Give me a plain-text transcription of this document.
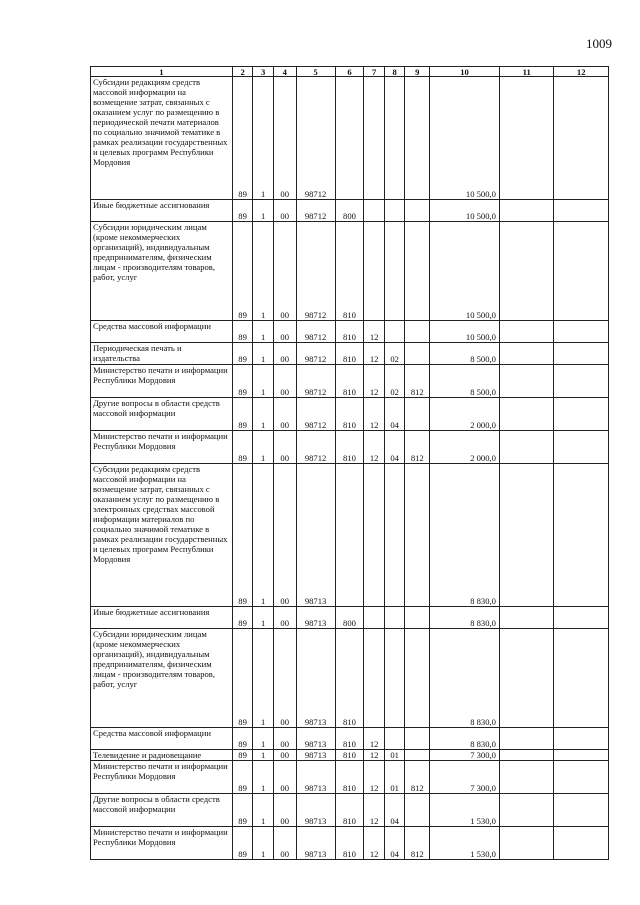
1009
1	2	3	4	5	6	7	8	9	10	11	12
Субсидии редакциям средств массовой информации на возмещение затрат, связанных с оказанием услуг по размещению в периодической печати материалов по социально значимой тематике в рамках реализации государственных и целевых программ Республики Мордовия	89	1	00	98712					10 500,0		
Иные бюджетные ассигнования	89	1	00	98712	800				10 500,0		
Субсидии юридическим лицам (кроме некоммерческих организаций), индивидуальным предпринимателям, физическим лицам - производителям товаров, работ, услуг	89	1	00	98712	810				10 500,0		
Средства массовой информации	89	1	00	98712	810	12			10 500,0		
Периодическая печать и издательства	89	1	00	98712	810	12	02		8 500,0		
Министерство печати и информации Республики Мордовия	89	1	00	98712	810	12	02	812	8 500,0		
Другие вопросы в области средств массовой информации	89	1	00	98712	810	12	04		2 000,0		
Министерство печати и информации Республики Мордовия	89	1	00	98712	810	12	04	812	2 000,0		
Субсидии редакциям средств массовой информации на возмещение затрат, связанных с оказанием услуг по размещению в электронных средствах массовой информации материалов по социально значимой тематике в рамках реализации государственных и целевых программ Республики Мордовия	89	1	00	98713					8 830,0		
Иные бюджетные ассигнования	89	1	00	98713	800				8 830,0		
Субсидии юридическим лицам (кроме некоммерческих организаций), индивидуальным предпринимателям, физическим лицам - производителям товаров, работ, услуг	89	1	00	98713	810				8 830,0		
Средства массовой информации	89	1	00	98713	810	12			8 830,0		
Телевидение и радиовещание	89	1	00	98713	810	12	01		7 300,0		
Министерство печати и информации Республики Мордовия	89	1	00	98713	810	12	01	812	7 300,0		
Другие вопросы в области средств массовой информации	89	1	00	98713	810	12	04		1 530,0		
Министерство печати и информации Республики Мордовия	89	1	00	98713	810	12	04	812	1 530,0		
